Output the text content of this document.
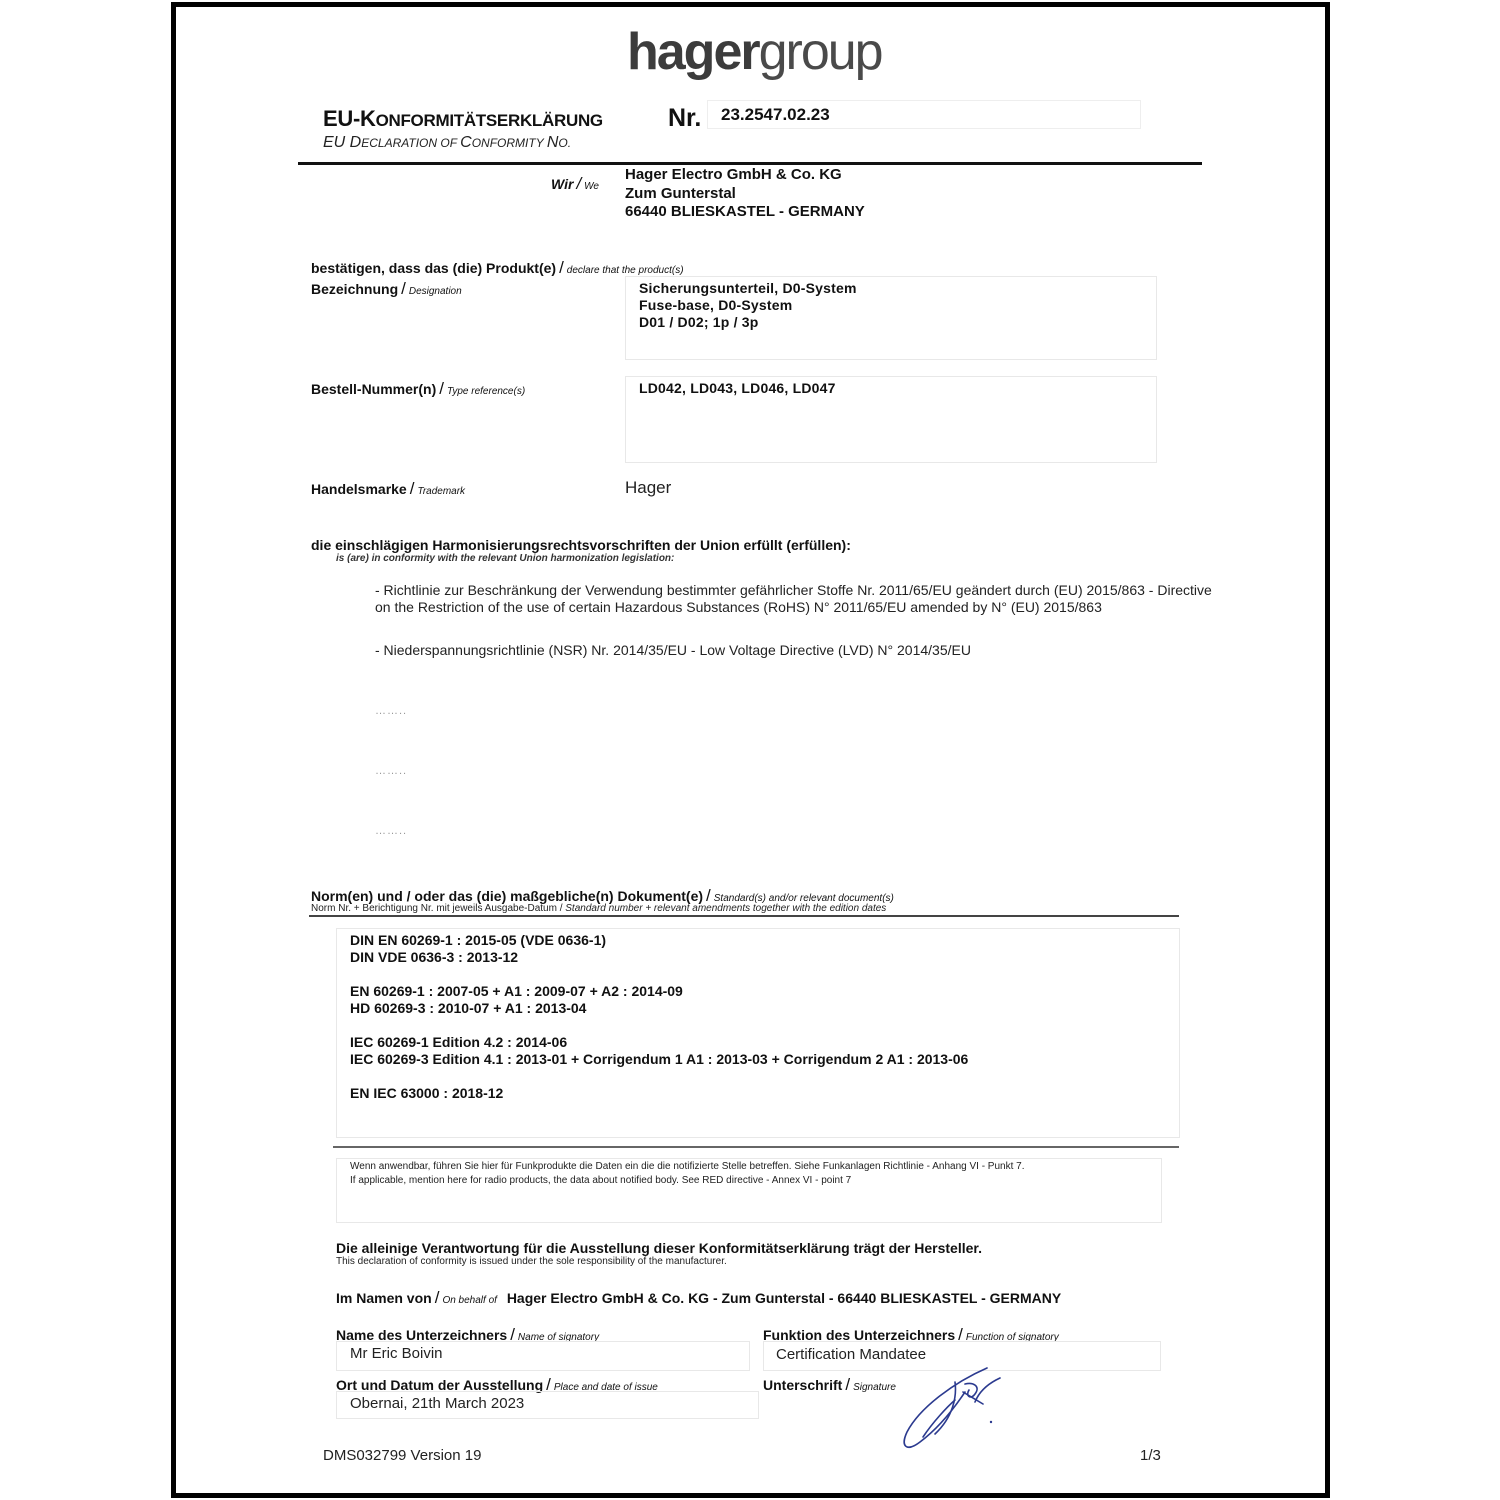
hagergroup
EU-KONFORMITÄTSERKLÄRUNG	Nr. 23.2547.02.23
EU DECLARATION OF CONFORMITY NO.
Wir / We
Hager Electro GmbH & Co. KG
Zum Gunterstal
66440 BLIESKASTEL - GERMANY
bestätigen, dass das (die) Produkt(e) / declare that the product(s)
Bezeichnung / Designation	Sicherungsunterteil, D0-System
Fuse-base, D0-System
D01 / D02; 1p / 3p
Bestell-Nummer(n) / Type reference(s)	LD042, LD043, LD046, LD047
Handelsmarke / Trademark	Hager
die einschlägigen Harmonisierungsrechtsvorschriften der Union erfüllt (erfüllen):
is (are) in conformity with the relevant Union harmonization legislation:
- Richtlinie zur Beschränkung der Verwendung bestimmter gefährlicher Stoffe Nr. 2011/65/EU geändert durch (EU) 2015/863 - Directive
on the Restriction of the use of certain Hazardous Substances (RoHS) N° 2011/65/EU amended by N° (EU) 2015/863
- Niederspannungsrichtlinie (NSR) Nr. 2014/35/EU - Low Voltage Directive (LVD) N° 2014/35/EU
……..
……..
……..
Norm(en) und / oder das (die) maßgebliche(n) Dokument(e) / Standard(s) and/or relevant document(s)
Norm Nr. + Berichtigung Nr. mit jeweils Ausgabe-Datum / Standard number + relevant amendments together with the edition dates
DIN EN 60269-1 : 2015-05 (VDE 0636-1)
DIN VDE 0636-3 : 2013-12
EN 60269-1 : 2007-05 + A1 : 2009-07 + A2 : 2014-09
HD 60269-3 : 2010-07 + A1 : 2013-04
IEC 60269-1 Edition 4.2 : 2014-06
IEC 60269-3 Edition 4.1 : 2013-01 + Corrigendum 1 A1 : 2013-03 + Corrigendum 2 A1 : 2013-06
EN IEC 63000 : 2018-12
Wenn anwendbar, führen Sie hier für Funkprodukte die Daten ein die die notifizierte Stelle betreffen. Siehe Funkanlagen Richtlinie - Anhang VI - Punkt 7.
If applicable, mention here for radio products, the data about notified body. See RED directive - Annex VI - point 7
Die alleinige Verantwortung für die Ausstellung dieser Konformitätserklärung trägt der Hersteller.
This declaration of conformity is issued under the sole responsibility of the manufacturer.
Im Namen von / On behalf of Hager Electro GmbH & Co. KG - Zum Gunterstal - 66440 BLIESKASTEL - GERMANY
Name des Unterzeichners / Name of signatory
Mr Eric Boivin
Funktion des Unterzeichners / Function of signatory
Certification Mandatee
Ort und Datum der Ausstellung / Place and date of issue
Obernai, 21th March 2023
Unterschrift / Signature
DMS032799 Version 19	1/3
